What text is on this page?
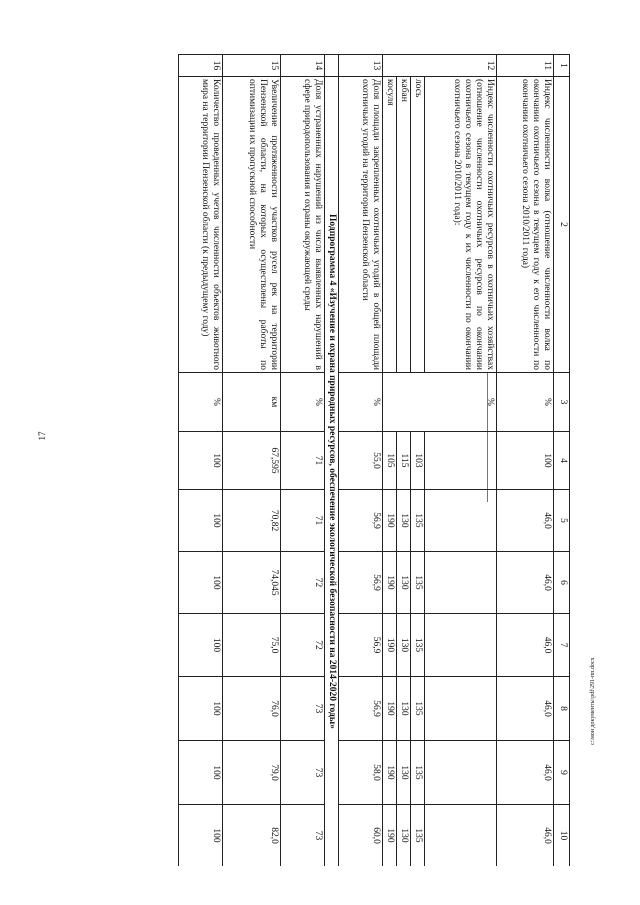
17
c:\мои документы\pdf\291-пп.docx
1	2	3	4	5	6	7	8	9	10
11	Индекс численности волка (отношение численности волка по окончании охотничьего сезона в текущем году к его численности по окончании охотничьего сезона 2010/2011 года)	%	100	46,0	46,0	46,0	46,0	46,0	46,0
12	Индекс численности охотничьих ресурсов в охотничьих хозяйствах (отношение численности охотничьих ресурсов по окончании охотничьего сезона в текущем году к их численности по окончании охотничьего сезона 2010/2011 года):	%							
	лось		103	135	135	135	135	135	135
	кабан		115	130	130	130	130	130	130
	косуля		105	190	190	190	190	190	190
13	Доля площади закрепленных охотничьих угодий в общей площади охотничьих угодий на территории Пензенской области	%	55,0	56,9	56,9	56,9	56,9	58,0	60,0
	Подпрограмма 4 «Изучение и охрана природных ресурсов, обеспечение экологической безопасности на 2014-2020 годы»								
14	Доля устраненных нарушений из числа выявленных нарушений в сфере природопользования и охраны окружающей среды	%	71	71	72	72	73	73	73
15	Увеличение протяженности участков русел рек на территории Пензенской области, на которых осуществлены работы по оптимизации их пропускной способности	км	67,595	70,82	74,045	75,0	76,0	79,0	82,0
16	Количество проведенных учетов численности объектов животного мира на территории Пензенской области (к предыдущему году)	%	100	100	100	100	100	100	100
